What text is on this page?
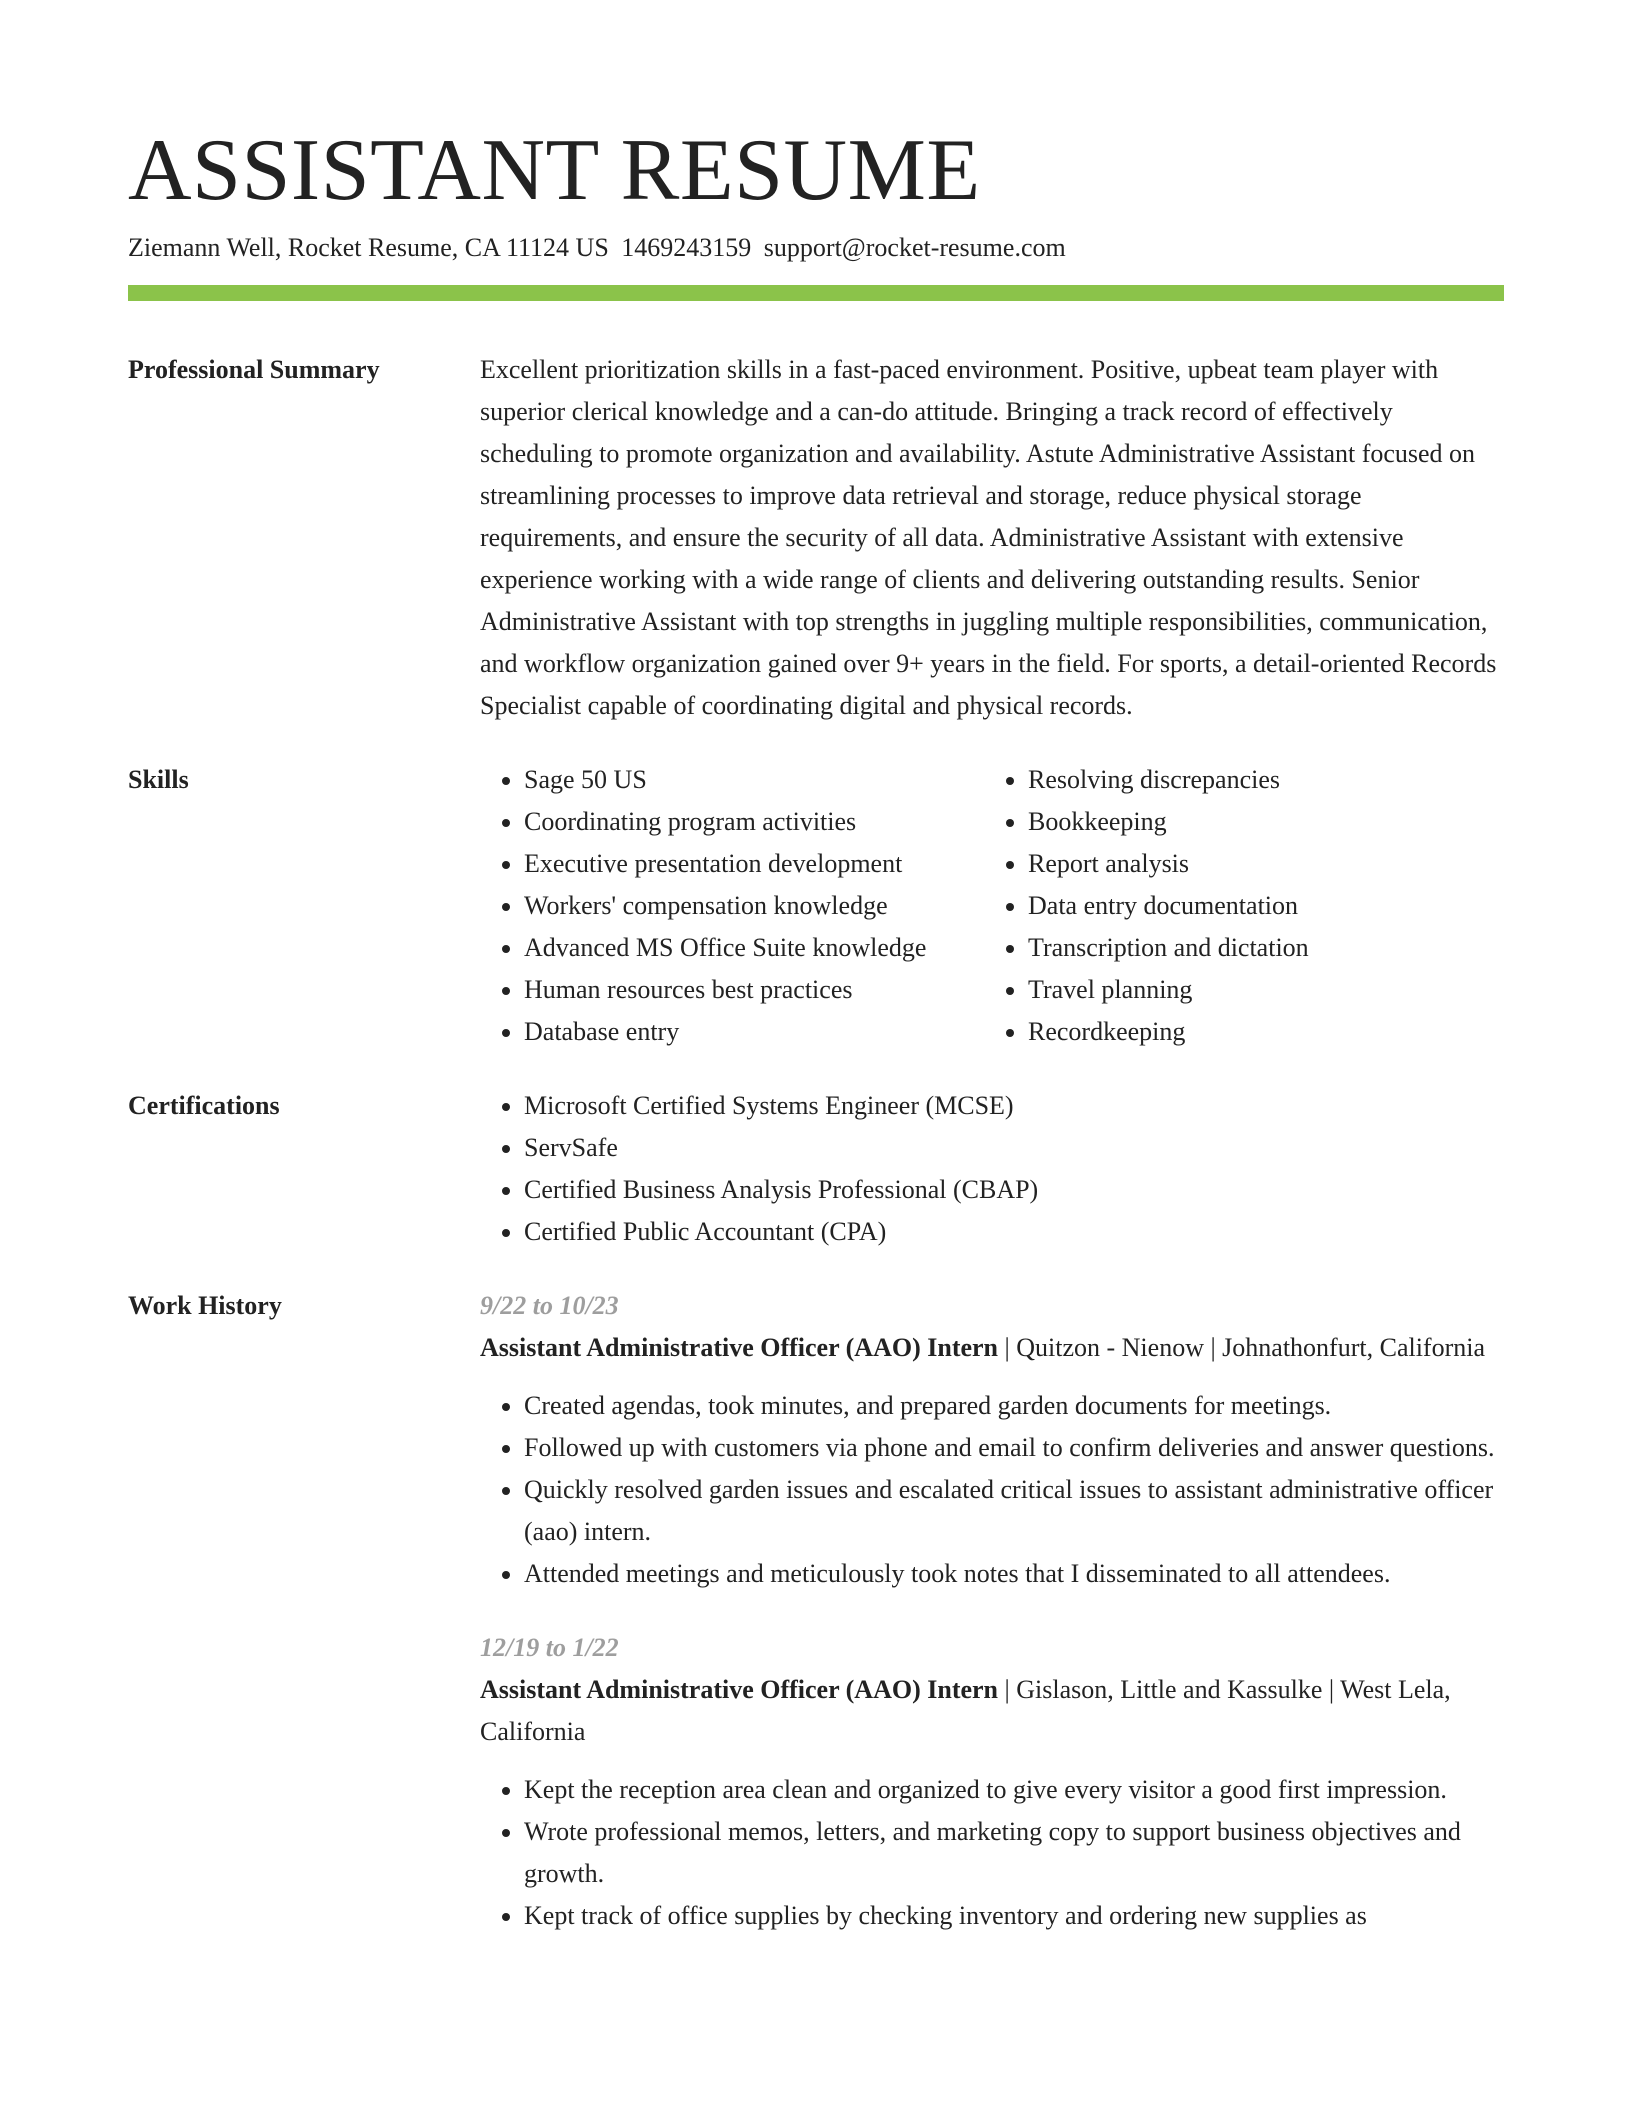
ASSISTANT RESUME
Ziemann Well, Rocket Resume, CA 11124 US 1469243159 support@rocket-resume.com
Professional Summary	Excellent prioritization skills in a fast-paced environment. Positive, upbeat team player with superior clerical knowledge and a can-do attitude. Bringing a track record of effectively scheduling to promote organization and availability. Astute Administrative Assistant focused on streamlining processes to improve data retrieval and storage, reduce physical storage requirements, and ensure the security of all data. Administrative Assistant with extensive experience working with a wide range of clients and delivering outstanding results. Senior Administrative Assistant with top strengths in juggling multiple responsibilities, communication, and workflow organization gained over 9+ years in the field. For sports, a detail-oriented Records Specialist capable of coordinating digital and physical records.

Skills	• Sage 50 US
• Coordinating program activities
• Executive presentation development
• Workers' compensation knowledge
• Advanced MS Office Suite knowledge
• Human resources best practices
• Database entry
• Resolving discrepancies
• Bookkeeping
• Report analysis
• Data entry documentation
• Transcription and dictation
• Travel planning
• Recordkeeping
Certifications	• Microsoft Certified Systems Engineer (MCSE)
• ServSafe
• Certified Business Analysis Professional (CBAP)
• Certified Public Accountant (CPA)
Work History	9/22 to 10/23
Assistant Administrative Officer (AAO) Intern | Quitzon - Nienow | Johnathonfurt, California
• Created agendas, took minutes, and prepared garden documents for meetings.
• Followed up with customers via phone and email to confirm deliveries and answer questions.
• Quickly resolved garden issues and escalated critical issues to assistant administrative officer (aao) intern.
• Attended meetings and meticulously took notes that I disseminated to all attendees.
12/19 to 1/22
Assistant Administrative Officer (AAO) Intern | Gislason, Little and Kassulke | West Lela, California
• Kept the reception area clean and organized to give every visitor a good first impression.
• Wrote professional memos, letters, and marketing copy to support business objectives and growth.
• Kept track of office supplies by checking inventory and ordering new supplies as
